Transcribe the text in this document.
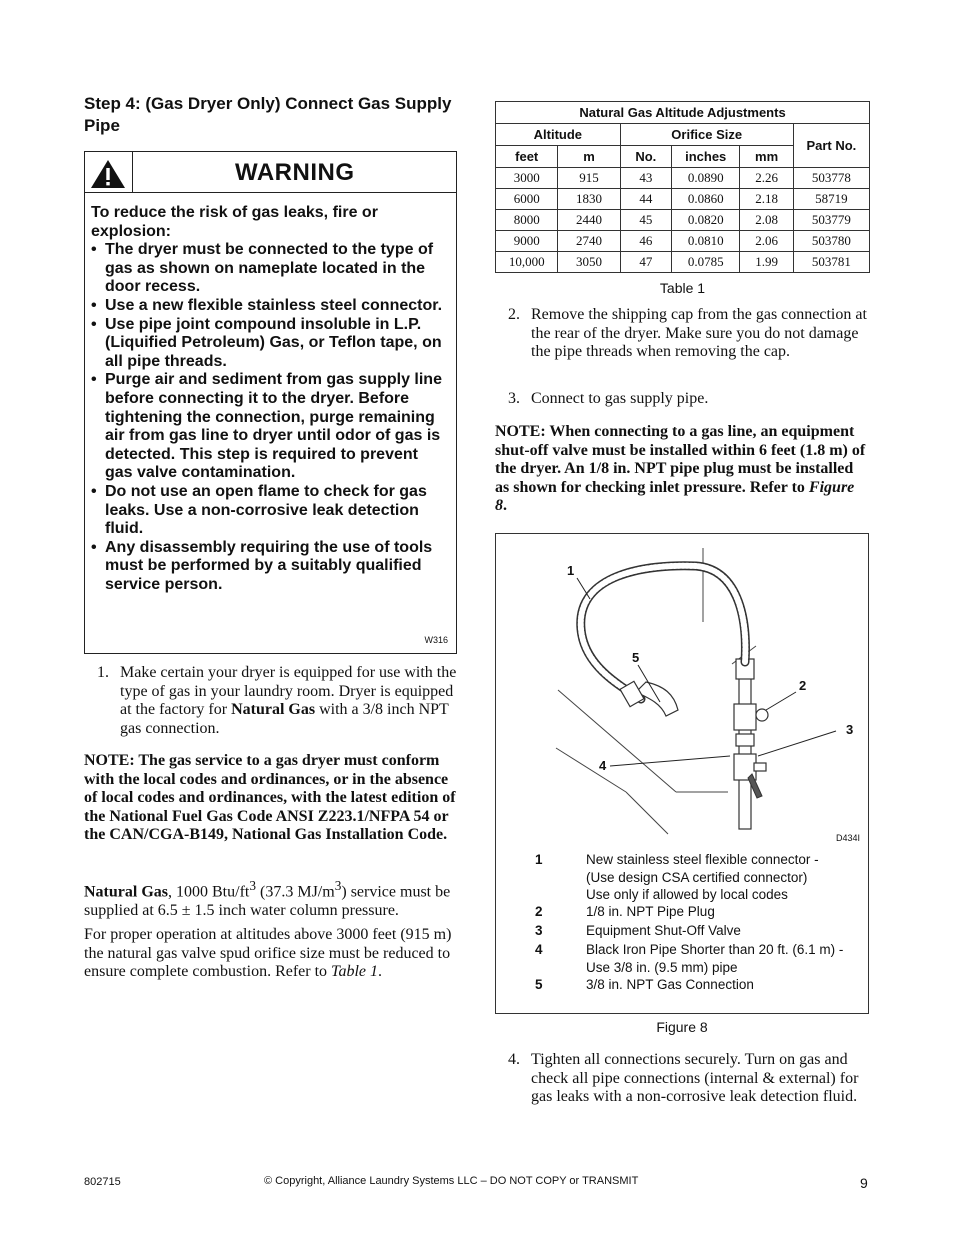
Step 4: (Gas Dryer Only) Connect Gas Supply Pipe
WARNING

To reduce the risk of gas leaks, fire or explosion:

• The dryer must be connected to the type of gas as shown on nameplate located in the door recess.
• Use a new flexible stainless steel connector.
• Use pipe joint compound insoluble in L.P. (Liquified Petroleum) Gas, or Teflon tape, on all pipe threads.
• Purge air and sediment from gas supply line before connecting it to the dryer. Before tightening the connection, purge remaining air from gas line to dryer until odor of gas is detected. This step is required to prevent gas valve contamination.
• Do not use an open flame to check for gas leaks. Use a non-corrosive leak detection fluid.
• Any disassembly requiring the use of tools must be performed by a suitably qualified service person.
W316
1. Make certain your dryer is equipped for use with the type of gas in your laundry room. Dryer is equipped at the factory for Natural Gas with a 3/8 inch NPT gas connection.
NOTE: The gas service to a gas dryer must conform with the local codes and ordinances, or in the absence of local codes and ordinances, with the latest edition of the National Fuel Gas Code ANSI Z223.1/NFPA 54 or the CAN/CGA-B149, National Gas Installation Code.
Natural Gas, 1000 Btu/$ft^3$ (37.3 $MJ/m^3$) service must be supplied at 6.5 ± 1.5 inch water column pressure.
For proper operation at altitudes above 3000 feet (915 m) the natural gas valve spud orifice size must be reduced to ensure complete combustion. Refer to Table 1.
Natural Gas Altitude Adjustments					
Altitude		Orifice Size			Part No.
feet	m	No.	inches	mm	
3000	915	43	0.0890	2.26	503778
6000	1830	44	0.0860	2.18	58719
8000	2440	45	0.0820	2.08	503779
9000	2740	46	0.0810	2.06	503780
10,000	3050	47	0.0785	1.99	503781
Table 1
2. Remove the shipping cap from the gas connection at the rear of the dryer. Make sure you do not damage the pipe threads when removing the cap.
3. Connect to gas supply pipe.
NOTE: When connecting to a gas line, an equipment shut-off valve must be installed within 6 feet (1.8 m) of the dryer. An 1/8 in. NPT pipe plug must be installed as shown for checking inlet pressure. Refer to Figure 8.
1
5
2
3
4
D434I
1	New stainless steel flexible connector -
(Use design CSA certified connector)
Use only if allowed by local codes
2	1/8 in. NPT Pipe Plug
3	Equipment Shut-Off Valve
4	Black Iron Pipe Shorter than 20 ft. (6.1 m) -
Use 3/8 in. (9.5 mm) pipe
5	3/8 in. NPT Gas Connection
Figure 8
4. Tighten all connections securely. Turn on gas and check all pipe connections (internal & external) for gas leaks with a non-corrosive leak detection fluid.
802715	© Copyright, Alliance Laundry Systems LLC – DO NOT COPY or TRANSMIT	9
